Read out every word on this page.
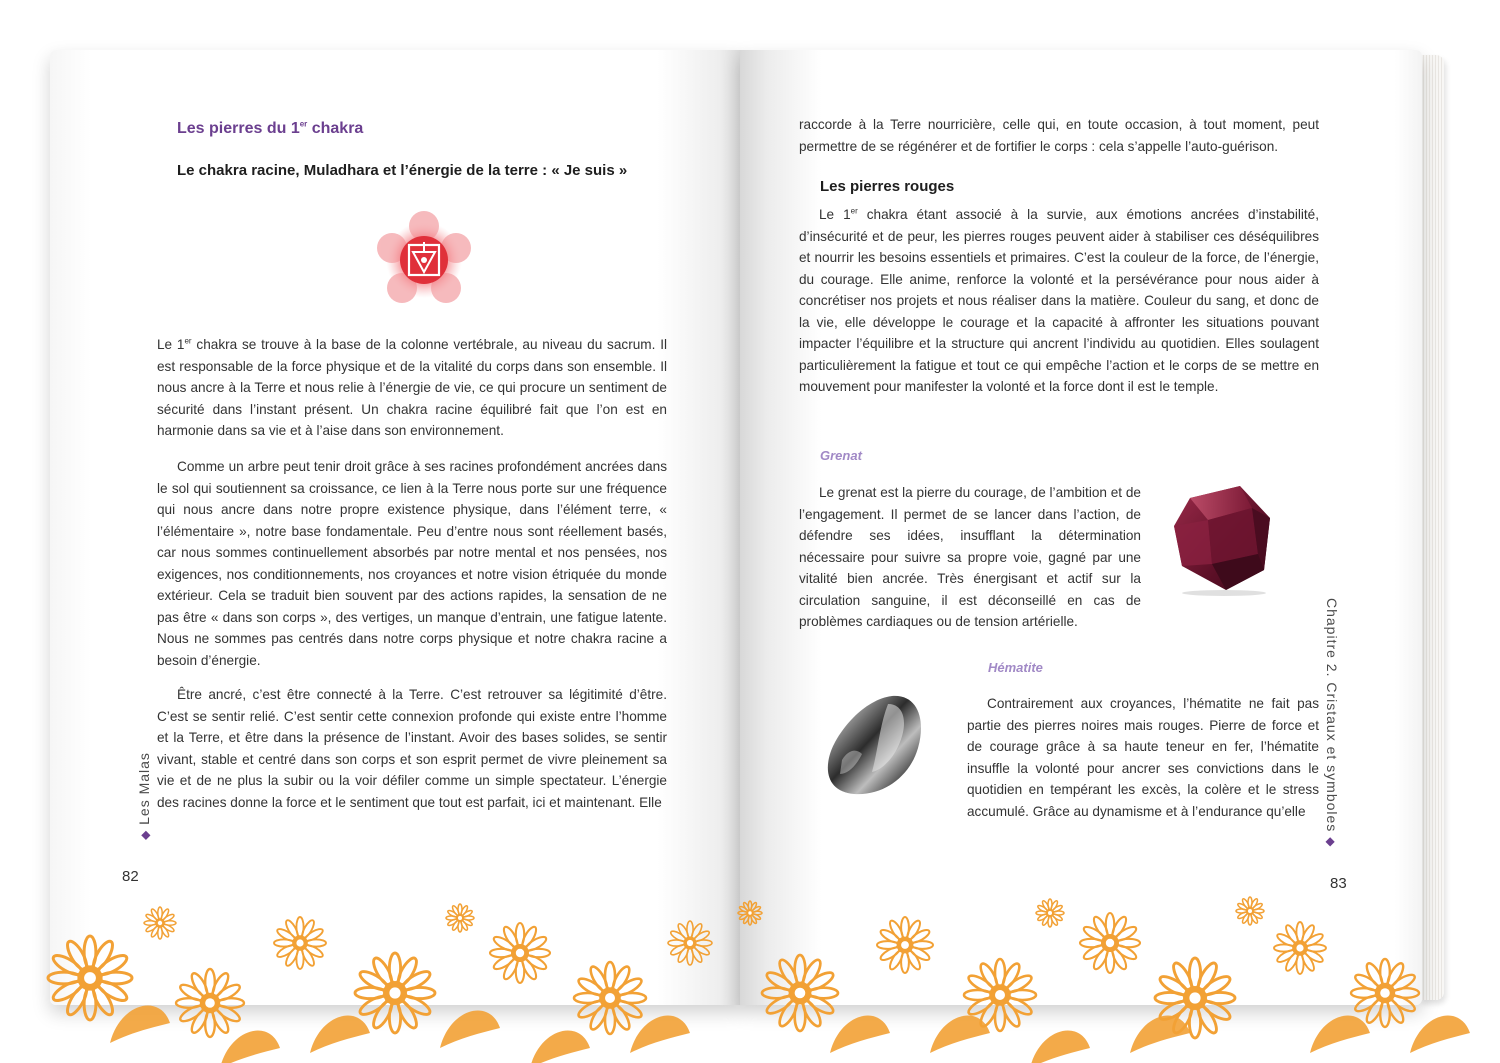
Les pierres du 1er chakra
Le chakra racine, Muladhara et l’énergie de la terre : « Je suis »

Le 1er chakra se trouve à la base de la colonne vertébrale, au niveau du sacrum. Il est responsable de la force physique et de la vitalité du corps dans son ensemble. Il nous ancre à la Terre et nous relie à l’énergie de vie, ce qui procure un sentiment de sécurité dans l’instant présent. Un chakra racine équilibré fait que l’on est en harmonie dans sa vie et à l’aise dans son environnement.

Comme un arbre peut tenir droit grâce à ses racines profondément ancrées dans le sol qui soutiennent sa croissance, ce lien à la Terre nous porte sur une fréquence qui nous ancre dans notre propre existence physique, dans l’élément terre, « l’élémentaire », notre base fondamentale. Peu d’entre nous sont réellement basés, car nous sommes continuellement absorbés par notre mental et nos pensées, nos exigences, nos conditionnements, nos croyances et notre vision étriquée du monde extérieur. Cela se traduit bien souvent par des actions rapides, la sensation de ne pas être « dans son corps », des vertiges, un manque d’entrain, une fatigue latente. Nous ne sommes pas centrés dans notre corps physique et notre chakra racine a besoin d’énergie.

Être ancré, c’est être connecté à la Terre. C’est retrouver sa légitimité d’être. C’est se sentir relié. C’est sentir cette connexion profonde qui existe entre l’homme et la Terre, et être dans la présence de l’instant. Avoir des bases solides, se sentir vivant, stable et centré dans son corps et son esprit permet de vivre pleinement sa vie et de ne plus la subir ou la voir défiler comme un simple spectateur. L’énergie des racines donne la force et le sentiment que tout est parfait, ici et maintenant. Elle

◆ Les Malas
82

raccorde à la Terre nourricière, celle qui, en toute occasion, à tout moment, peut permettre de se régénérer et de fortifier le corps : cela s’appelle l’auto-guérison.

Les pierres rouges

Le 1er chakra étant associé à la survie, aux émotions ancrées d’instabilité, d’insécurité et de peur, les pierres rouges peuvent aider à stabiliser ces déséquilibres et nourrir les besoins essentiels et primaires. C’est la couleur de la force, de l’énergie, du courage. Elle anime, renforce la volonté et la persévérance pour nous aider à concrétiser nos projets et nous réaliser dans la matière. Couleur du sang, et donc de la vie, elle développe le courage et la capacité à affronter les situations pouvant impacter l’équilibre et la structure qui ancrent l’individu au quotidien. Elles soulagent particulièrement la fatigue et tout ce qui empêche l’action et le corps de se mettre en mouvement pour manifester la volonté et la force dont il est le temple.

Grenat

Le grenat est la pierre du courage, de l’ambition et de l’engagement. Il permet de se lancer dans l’action, de défendre ses idées, insufflant la détermination nécessaire pour suivre sa propre voie, gagné par une vitalité bien ancrée. Très énergisant et actif sur la circulation sanguine, il est déconseillé en cas de problèmes cardiaques ou de tension artérielle.

Hématite

Contrairement aux croyances, l’hématite ne fait pas partie des pierres noires mais rouges. Pierre de force et de courage grâce à sa haute teneur en fer, l’hématite insuffle la volonté pour ancrer ses convictions dans le quotidien en tempérant les excès, la colère et le stress accumulé. Grâce au dynamisme et à l’endurance qu’elle	Chapitre 2. Cristaux et symboles ◆
83
